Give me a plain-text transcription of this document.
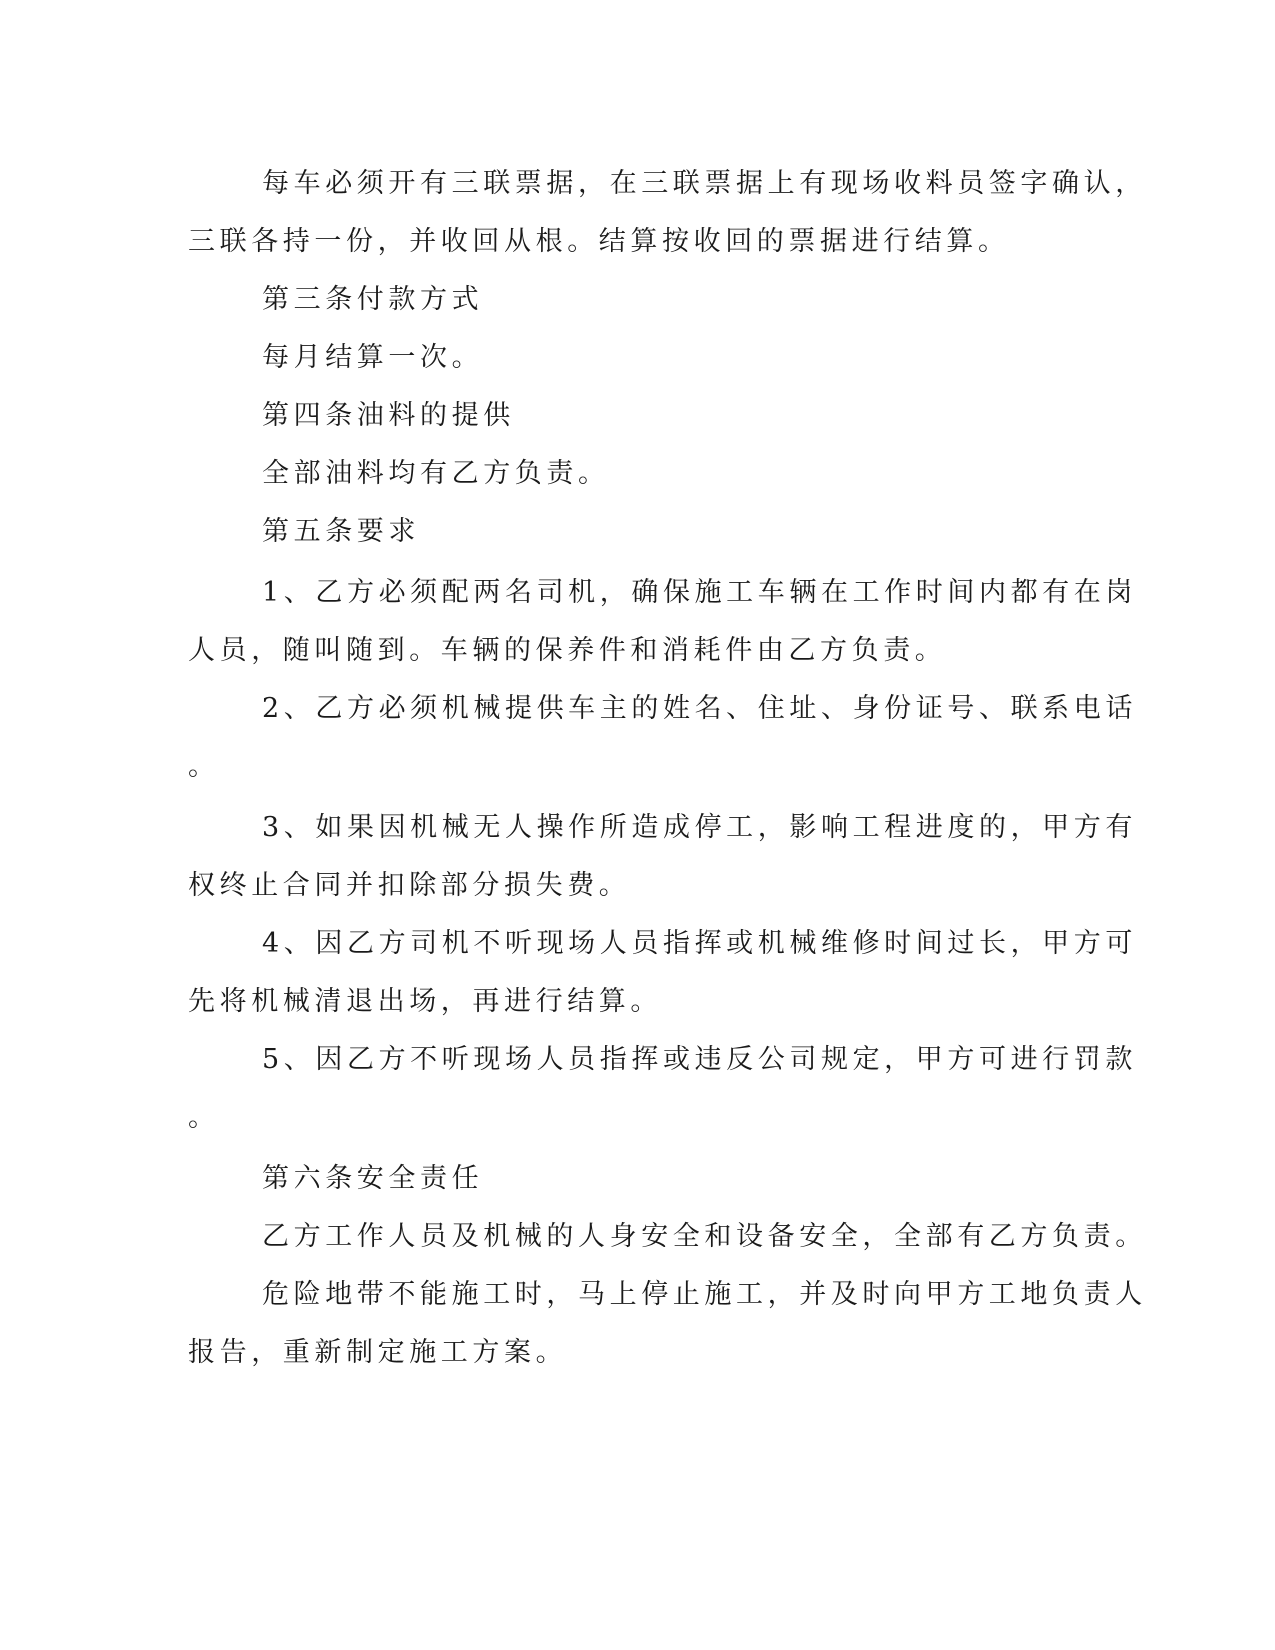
每车必须开有三联票据，在三联票据上有现场收料员签字确认，
三联各持一份，并收回从根。结算按收回的票据进行结算。
第三条付款方式
每月结算一次。
第四条油料的提供
全部油料均有乙方负责。
第五条要求
1、乙方必须配两名司机，确保施工车辆在工作时间内都有在岗
人员，随叫随到。车辆的保养件和消耗件由乙方负责。
2、乙方必须机械提供车主的姓名、住址、身份证号、联系电话
。
3、如果因机械无人操作所造成停工，影响工程进度的，甲方有
权终止合同并扣除部分损失费。
4、因乙方司机不听现场人员指挥或机械维修时间过长，甲方可
先将机械清退出场，再进行结算。
5、因乙方不听现场人员指挥或违反公司规定，甲方可进行罚款
。
第六条安全责任
乙方工作人员及机械的人身安全和设备安全，全部有乙方负责。
危险地带不能施工时，马上停止施工，并及时向甲方工地负责人
报告，重新制定施工方案。
